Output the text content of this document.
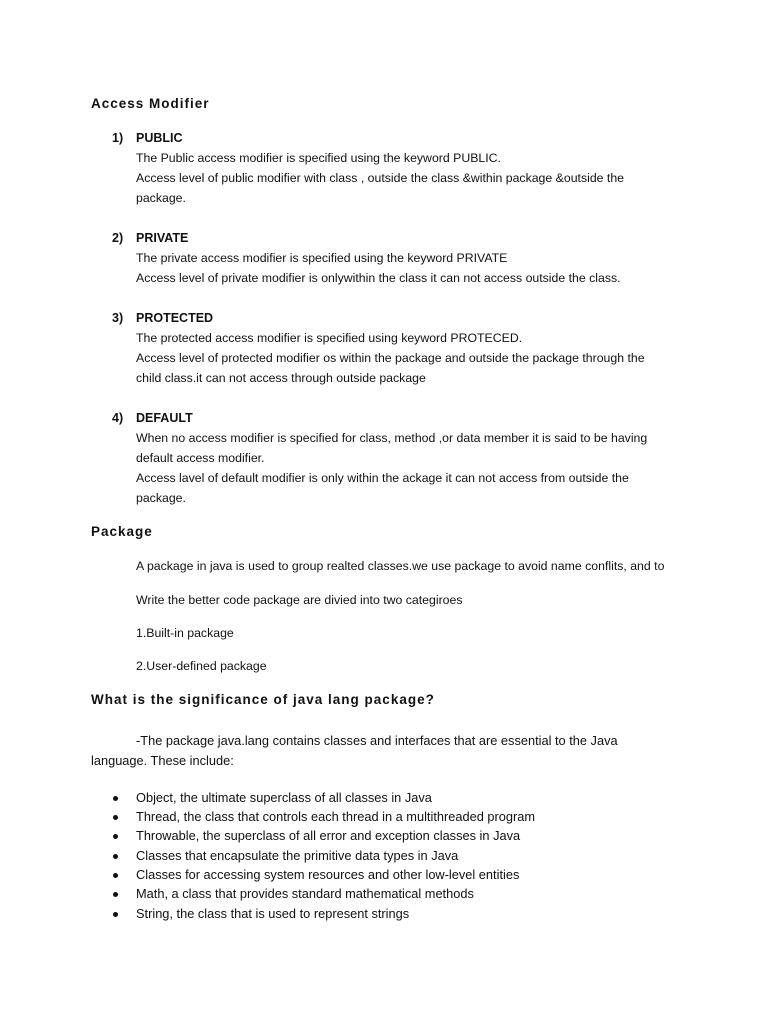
Access Modifier
1) PUBLIC
The Public access modifier is specified using the keyword PUBLIC.
Access level of public modifier with class , outside the class &within package &outside the
package.
2) PRIVATE
The private access modifier is specified using the keyword PRIVATE
Access level of private modifier is onlywithin the class it can not access outside the class.
3) PROTECTED
The protected access modifier is specified using keyword PROTECED.
Access level of protected modifier os within the package and outside the package through the
child class.it can not access through outside package
4) DEFAULT
When no access modifier is specified for class, method ,or data member it is said to be having
default access modifier.
Access lavel of default modifier is only within the ackage it can not access from outside the
package.
Package
A package in java is used to group realted classes.we use package to avoid name conflits, and to
Write the better code package are divied into two categiroes
1.Built-in package
2.User-defined package
What is the significance of java lang package?
-The package java.lang contains classes and interfaces that are essential to the Java
language. These include:
Object, the ultimate superclass of all classes in Java
Thread, the class that controls each thread in a multithreaded program
Throwable, the superclass of all error and exception classes in Java
Classes that encapsulate the primitive data types in Java
Classes for accessing system resources and other low-level entities
Math, a class that provides standard mathematical methods
String, the class that is used to represent strings
